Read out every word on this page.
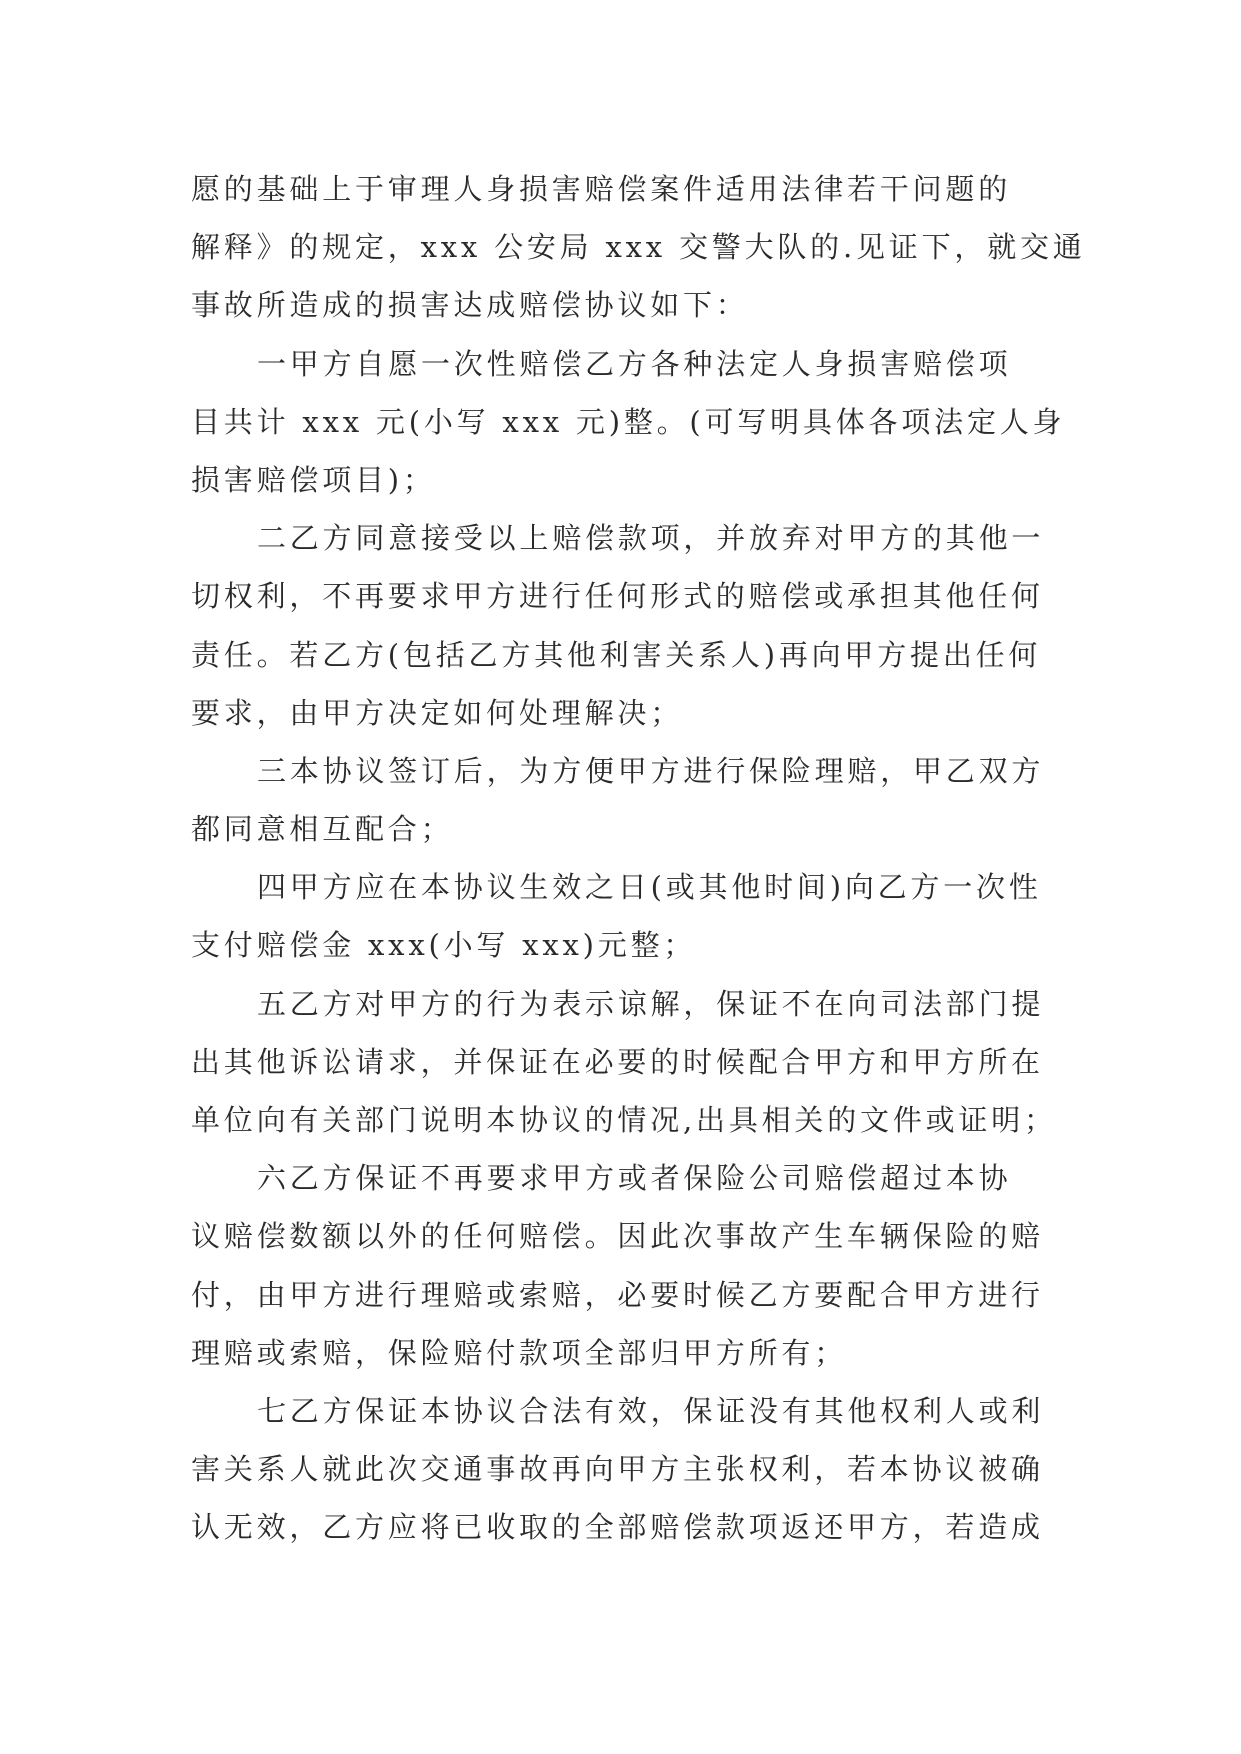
愿的基础上于审理人身损害赔偿案件适用法律若干问题的
解释》的规定，xxx 公安局 xxx 交警大队的.见证下，就交通
事故所造成的损害达成赔偿协议如下：
一甲方自愿一次性赔偿乙方各种法定人身损害赔偿项
目共计 xxx 元(小写 xxx 元)整。(可写明具体各项法定人身
损害赔偿项目)；
二乙方同意接受以上赔偿款项，并放弃对甲方的其他一
切权利，不再要求甲方进行任何形式的赔偿或承担其他任何
责任。若乙方(包括乙方其他利害关系人)再向甲方提出任何
要求，由甲方决定如何处理解决；
三本协议签订后，为方便甲方进行保险理赔，甲乙双方
都同意相互配合；
四甲方应在本协议生效之日(或其他时间)向乙方一次性
支付赔偿金 xxx(小写 xxx)元整；
五乙方对甲方的行为表示谅解，保证不在向司法部门提
出其他诉讼请求，并保证在必要的时候配合甲方和甲方所在
单位向有关部门说明本协议的情况,出具相关的文件或证明；
六乙方保证不再要求甲方或者保险公司赔偿超过本协
议赔偿数额以外的任何赔偿。因此次事故产生车辆保险的赔
付，由甲方进行理赔或索赔，必要时候乙方要配合甲方进行
理赔或索赔，保险赔付款项全部归甲方所有；
七乙方保证本协议合法有效，保证没有其他权利人或利
害关系人就此次交通事故再向甲方主张权利，若本协议被确
认无效，乙方应将已收取的全部赔偿款项返还甲方，若造成
